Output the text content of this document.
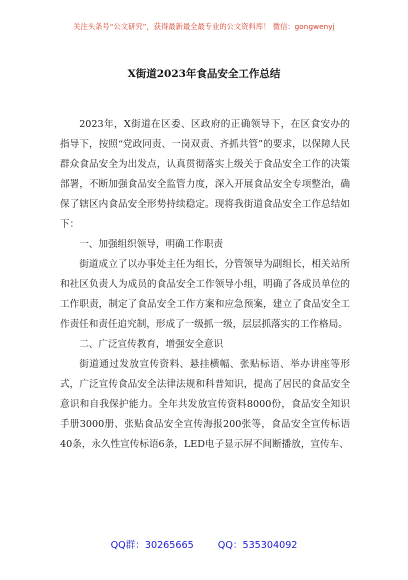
关注头条号“公文研究”，获得最新最全最专业的公文资料库！ 微信：gongwenyj
X街道2023年食品安全工作总结

2023年，X街道在区委、区政府的正确领导下，在区食安办的指导下，按照“党政同责、一岗双责、齐抓共管”的要求，以保障人民群众食品安全为出发点，认真贯彻落实上级关于食品安全工作的决策部署，不断加强食品安全监管力度，深入开展食品安全专项整治，确保了辖区内食品安全形势持续稳定。现将我街道食品安全工作总结如下：

一、加强组织领导，明确工作职责

街道成立了以办事处主任为组长，分管领导为副组长，相关站所和社区负责人为成员的食品安全工作领导小组，明确了各成员单位的工作职责，制定了食品安全工作方案和应急预案，建立了食品安全工作责任和责任追究制，形成了一级抓一级，层层抓落实的工作格局。

二、广泛宣传教育，增强安全意识

街道通过发放宣传资料、悬挂横幅、张贴标语、举办讲座等形式，广泛宣传食品安全法律法规和科普知识，提高了居民的食品安全意识和自我保护能力。全年共发放宣传资料8000份，食品安全知识手册3000册、张贴食品安全宣传海报200张等，食品安全宣传标语40条，永久性宣传标语6条，LED电子显示屏不间断播放，宣传车、

QQ群：30265665	QQ：535304092
